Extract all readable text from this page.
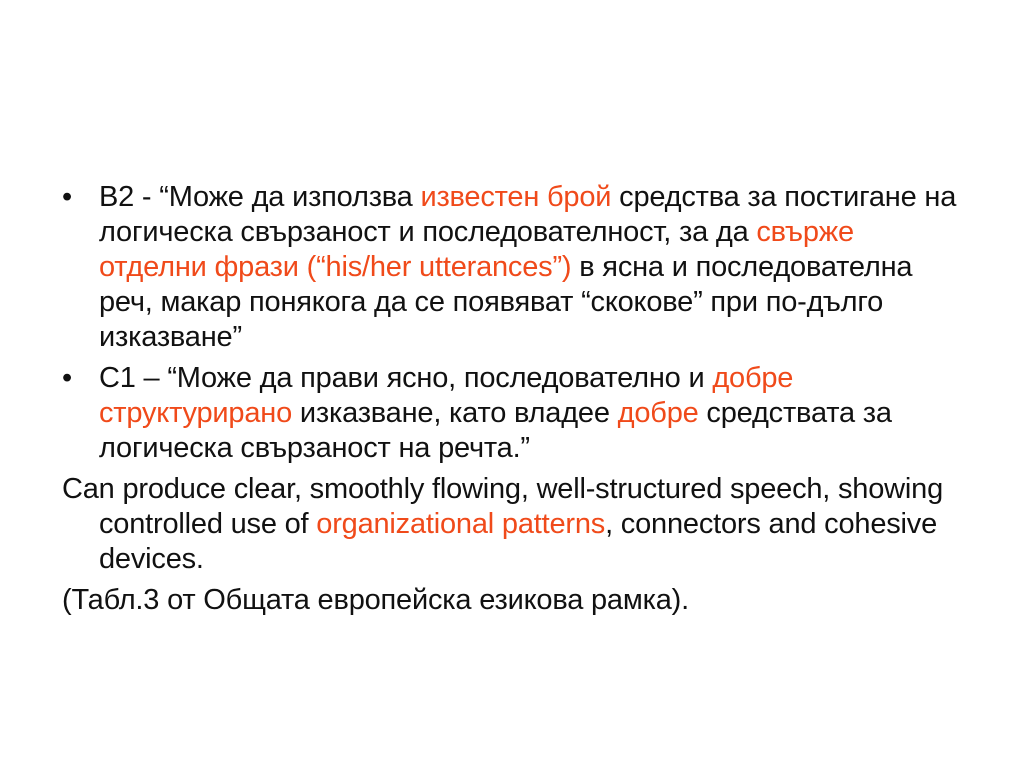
• B2 - “Може да използва известен брой средства за постигане на логическа свързаност и последователност, за да свърже отделни фрази (“his/her utterances”) в ясна и последователна реч, макар понякога да се появяват “скокове” при по-дълго изказване”
• C1 – “Може да прави ясно, последователно и добре структурирано изказване, като владее добре средствата за логическа свързаност на речта.”
Can produce clear, smoothly flowing, well-structured speech, showing controlled use of organizational patterns, connectors and cohesive devices.
(Табл.3 от Общата европейска езикова рамка).
